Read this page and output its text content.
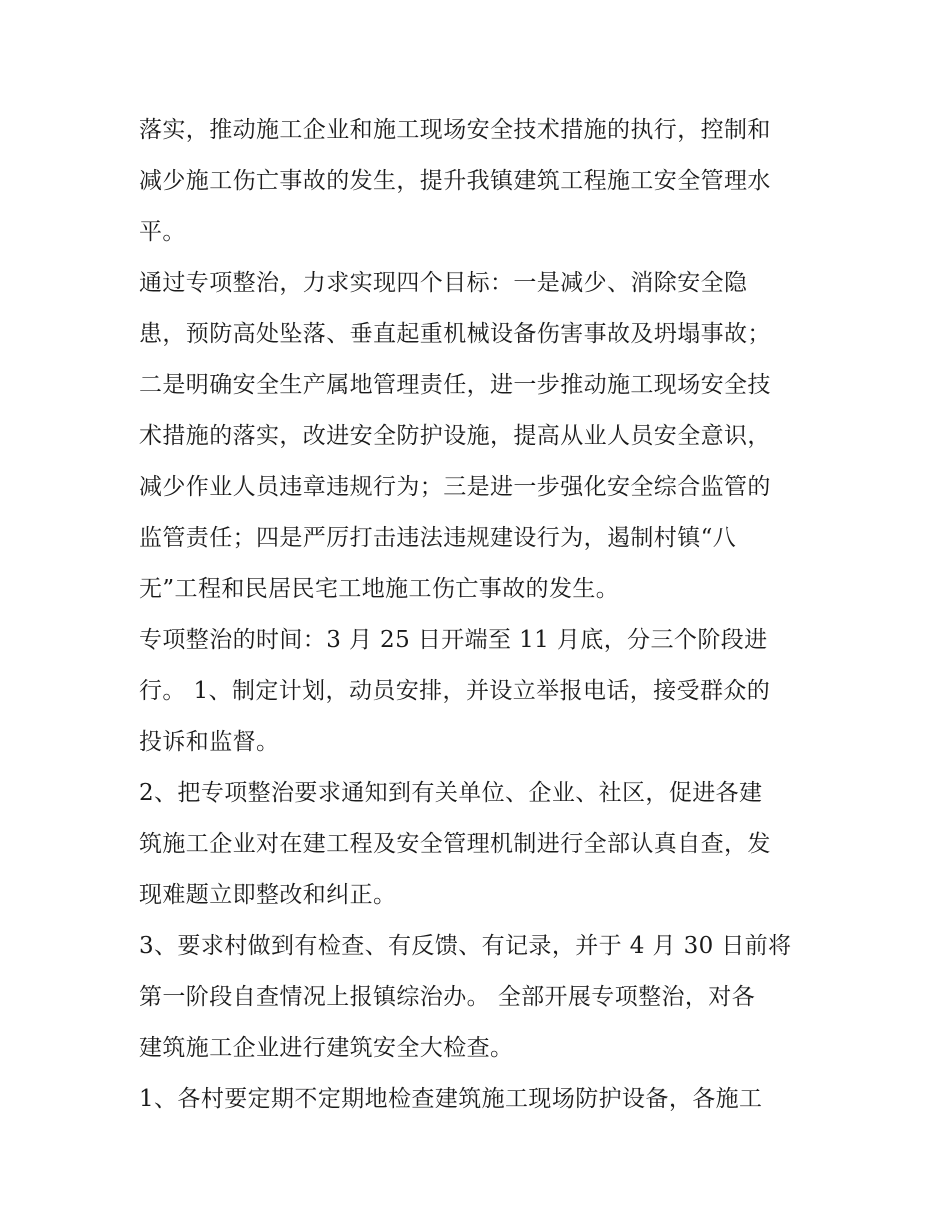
落实，推动施工企业和施工现场安全技术措施的执行，控制和
减少施工伤亡事故的发生，提升我镇建筑工程施工安全管理水
平。
通过专项整治，力求实现四个目标：一是减少、消除安全隐
患，预防高处坠落、垂直起重机械设备伤害事故及坍塌事故；
二是明确安全生产属地管理责任，进一步推动施工现场安全技
术措施的落实，改进安全防护设施，提高从业人员安全意识，
减少作业人员违章违规行为；三是进一步强化安全综合监管的
监管责任；四是严厉打击违法违规建设行为，遏制村镇“八
无”工程和民居民宅工地施工伤亡事故的发生。
专项整治的时间：3 月 25 日开端至 11 月底，分三个阶段进
行。 1、制定计划，动员安排，并设立举报电话，接受群众的
投诉和监督。
2、把专项整治要求通知到有关单位、企业、社区，促进各建
筑施工企业对在建工程及安全管理机制进行全部认真自查，发
现难题立即整改和纠正。
3、要求村做到有检查、有反馈、有记录，并于 4 月 30 日前将
第一阶段自查情况上报镇综治办。 全部开展专项整治，对各
建筑施工企业进行建筑安全大检查。
1、各村要定期不定期地检查建筑施工现场防护设备，各施工
